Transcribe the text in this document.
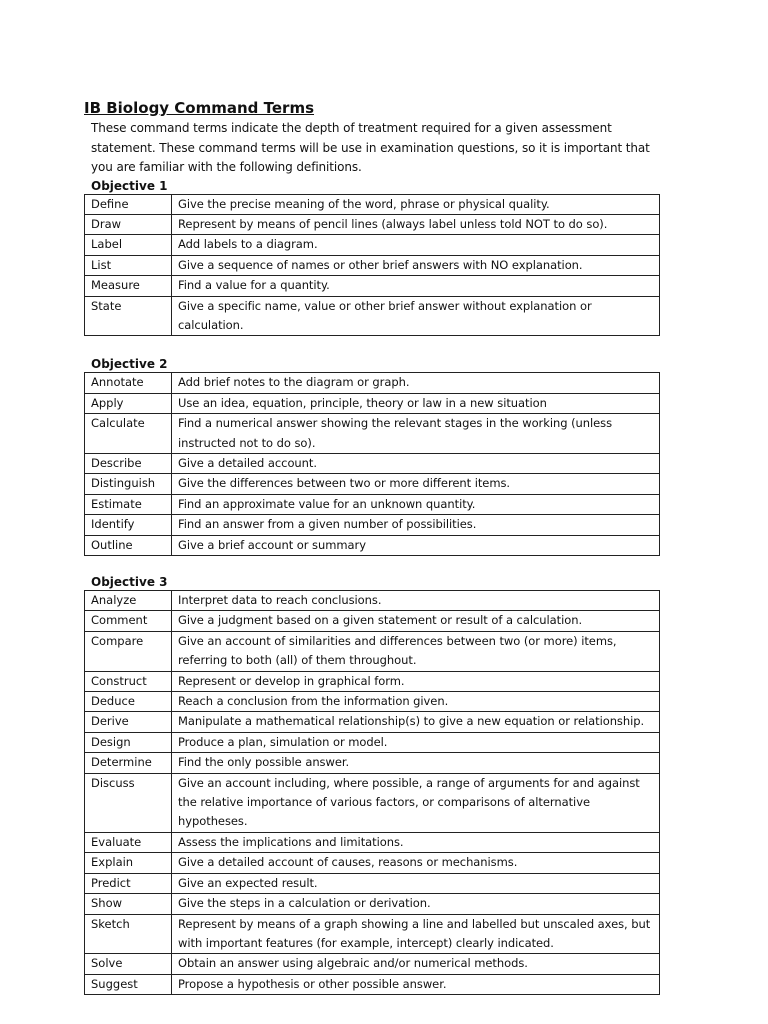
IB Biology Command Terms

These command terms indicate the depth of treatment required for a given assessment statement. These command terms will be use in examination questions, so it is important that you are familiar with the following definitions.

Objective 1
Define	Give the precise meaning of the word, phrase or physical quality.
Draw	Represent by means of pencil lines (always label unless told NOT to do so).
Label	Add labels to a diagram.
List	Give a sequence of names or other brief answers with NO explanation.
Measure	Find a value for a quantity.
State	Give a specific name, value or other brief answer without explanation or calculation.
Objective 2
Annotate	Add brief notes to the diagram or graph.
Apply	Use an idea, equation, principle, theory or law in a new situation
Calculate	Find a numerical answer showing the relevant stages in the working (unless instructed not to do so).
Describe	Give a detailed account.
Distinguish	Give the differences between two or more different items.
Estimate	Find an approximate value for an unknown quantity.
Identify	Find an answer from a given number of possibilities.
Outline	Give a brief account or summary
Objective 3
Analyze	Interpret data to reach conclusions.
Comment	Give a judgment based on a given statement or result of a calculation.
Compare	Give an account of similarities and differences between two (or more) items, referring to both (all) of them throughout.
Construct	Represent or develop in graphical form.
Deduce	Reach a conclusion from the information given.
Derive	Manipulate a mathematical relationship(s) to give a new equation or relationship.
Design	Produce a plan, simulation or model.
Determine	Find the only possible answer.
Discuss	Give an account including, where possible, a range of arguments for and against the relative importance of various factors, or comparisons of alternative hypotheses.
Evaluate	Assess the implications and limitations.
Explain	Give a detailed account of causes, reasons or mechanisms.
Predict	Give an expected result.
Show	Give the steps in a calculation or derivation.
Sketch	Represent by means of a graph showing a line and labelled but unscaled axes, but with important features (for example, intercept) clearly indicated.
Solve	Obtain an answer using algebraic and/or numerical methods.
Suggest	Propose a hypothesis or other possible answer.
